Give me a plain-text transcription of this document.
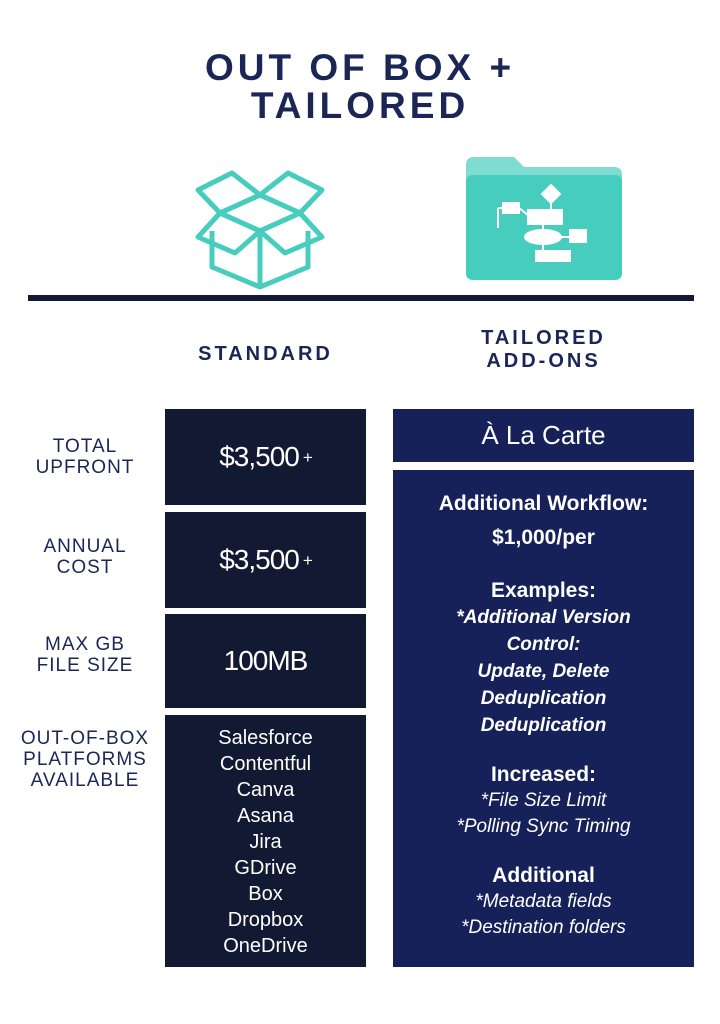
OUT OF BOX +
TAILORED
STANDARD
TAILORED
ADD-ONS
TOTAL
UPFRONT
ANNUAL
COST
MAX GB
FILE SIZE
OUT-OF-BOX
PLATFORMS
AVAILABLE
$3,500 +
$3,500 +
100MB
Salesforce
Contentful
Canva
Asana
Jira
GDrive
Box
Dropbox
OneDrive
À La Carte
Additional Workflow:
$1,000/per
Examples:
*Additional Version
Control:
Update, Delete
Deduplication
Deduplication
Increased:
*File Size Limit
*Polling Sync Timing
Additional
*Metadata fields
*Destination folders
